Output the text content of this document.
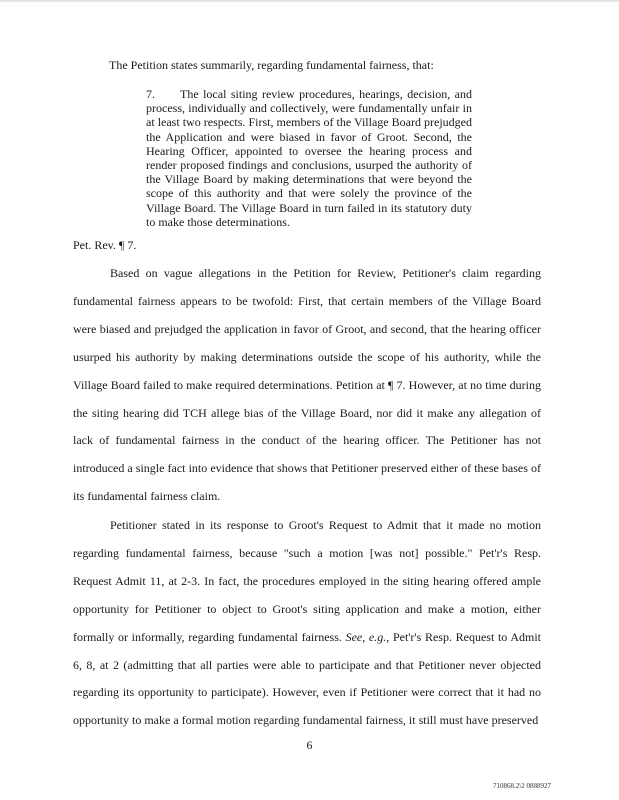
The Petition states summarily, regarding fundamental fairness, that:
7. The local siting review procedures, hearings, decision, and process, individually and collectively, were fundamentally unfair in at least two respects. First, members of the Village Board prejudged the Application and were biased in favor of Groot. Second, the Hearing Officer, appointed to oversee the hearing process and render proposed findings and conclusions, usurped the authority of the Village Board by making determinations that were beyond the scope of this authority and that were solely the province of the Village Board. The Village Board in turn failed in its statutory duty to make those determinations.
Pet. Rev. ¶ 7.
Based on vague allegations in the Petition for Review, Petitioner's claim regarding fundamental fairness appears to be twofold: First, that certain members of the Village Board were biased and prejudged the application in favor of Groot, and second, that the hearing officer usurped his authority by making determinations outside the scope of his authority, while the Village Board failed to make required determinations. Petition at ¶ 7. However, at no time during the siting hearing did TCH allege bias of the Village Board, nor did it make any allegation of lack of fundamental fairness in the conduct of the hearing officer. The Petitioner has not introduced a single fact into evidence that shows that Petitioner preserved either of these bases of its fundamental fairness claim.
Petitioner stated in its response to Groot's Request to Admit that it made no motion regarding fundamental fairness, because "such a motion [was not] possible." Pet'r's Resp. Request Admit 11, at 2-3. In fact, the procedures employed in the siting hearing offered ample opportunity for Petitioner to object to Groot's siting application and make a motion, either formally or informally, regarding fundamental fairness. See, e.g., Pet'r's Resp. Request to Admit 6, 8, at 2 (admitting that all parties were able to participate and that Petitioner never objected regarding its opportunity to participate). However, even if Petitioner were correct that it had no opportunity to make a formal motion regarding fundamental fairness, it still must have preserved
6
710868.2\2 0888927
